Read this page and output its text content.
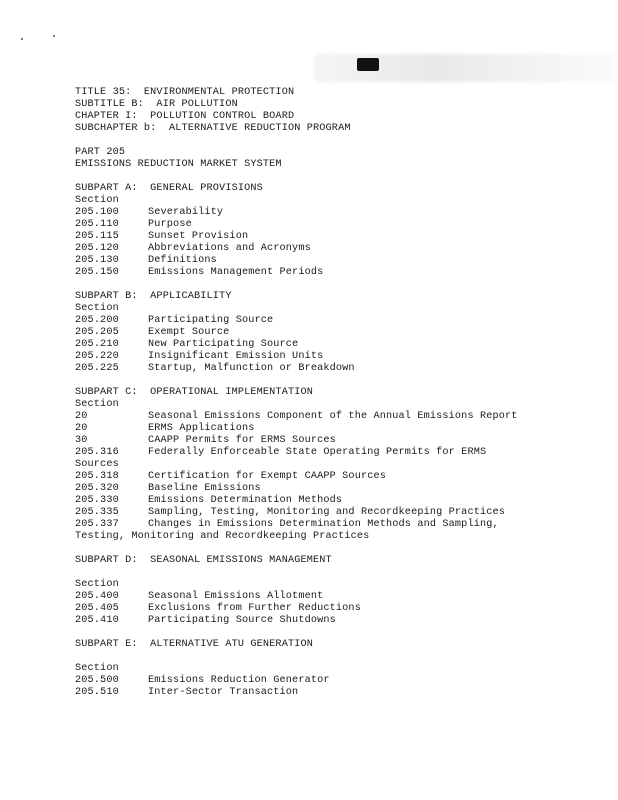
TITLE 35:  ENVIRONMENTAL PROTECTION
SUBTITLE B:  AIR POLLUTION
CHAPTER I:  POLLUTION CONTROL BOARD
SUBCHAPTER b:  ALTERNATIVE REDUCTION PROGRAM
PART 205
EMISSIONS REDUCTION MARKET SYSTEM
SUBPART A:  GENERAL PROVISIONS
Section
205.100	Severability
205.110	Purpose
205.115	Sunset Provision
205.120	Abbreviations and Acronyms
205.130	Definitions
205.150	Emissions Management Periods
SUBPART B:  APPLICABILITY
Section
205.200	Participating Source
205.205	Exempt Source
205.210	New Participating Source
205.220	Insignificant Emission Units
205.225	Startup, Malfunction or Breakdown
SUBPART C:  OPERATIONAL IMPLEMENTATION
Section
20	Seasonal Emissions Component of the Annual Emissions Report
20	ERMS Applications
30	CAAPP Permits for ERMS Sources
205.316	Federally Enforceable State Operating Permits for ERMS
Sources
205.318	Certification for Exempt CAAPP Sources
205.320	Baseline Emissions
205.330	Emissions Determination Methods
205.335	Sampling, Testing, Monitoring and Recordkeeping Practices
205.337	Changes in Emissions Determination Methods and Sampling,
Testing, Monitoring and Recordkeeping Practices
SUBPART D:  SEASONAL EMISSIONS MANAGEMENT
Section
205.400	Seasonal Emissions Allotment
205.405	Exclusions from Further Reductions
205.410	Participating Source Shutdowns
SUBPART E:  ALTERNATIVE ATU GENERATION
Section
205.500	Emissions Reduction Generator
205.510	Inter-Sector Transaction
